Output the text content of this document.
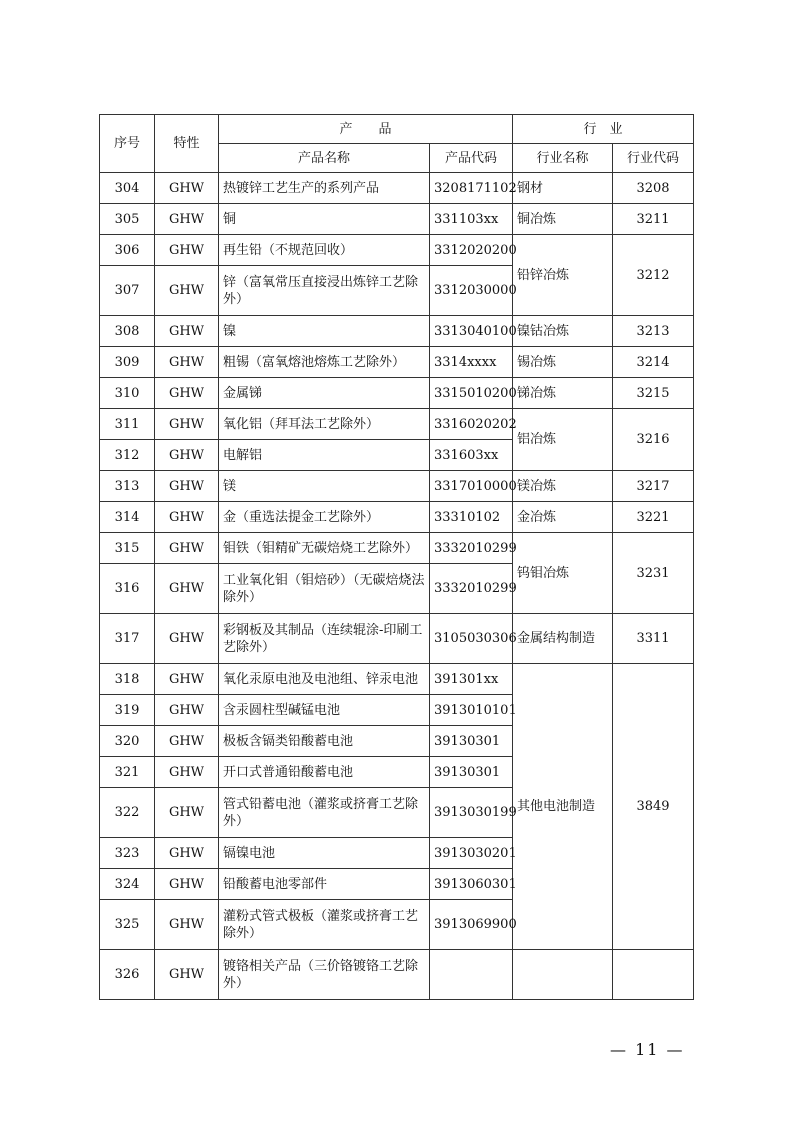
序号	特性	产　　品		行　业	
		产品名称	产品代码	行业名称	行业代码
304	GHW	热镀锌工艺生产的系列产品	3208171102	钢材	3208
305	GHW	铜	331103xx	铜冶炼	3211
306	GHW	再生铅（不规范回收）	3312020200	铅锌冶炼	3212
307	GHW	锌（富氧常压直接浸出炼锌工艺除外）	3312030000		
308	GHW	镍	3313040100	镍钴冶炼	3213
309	GHW	粗锡（富氧熔池熔炼工艺除外）	3314xxxx	锡冶炼	3214
310	GHW	金属锑	3315010200	锑冶炼	3215
311	GHW	氧化铝（拜耳法工艺除外）	3316020202	铝冶炼	3216
312	GHW	电解铝	331603xx		
313	GHW	镁	3317010000	镁冶炼	3217
314	GHW	金（重选法提金工艺除外）	33310102	金冶炼	3221
315	GHW	钼铁（钼精矿无碳焙烧工艺除外）	3332010299	钨钼冶炼	3231
316	GHW	工业氧化钼（钼焙砂）（无碳焙烧法除外）	3332010299		
317	GHW	彩钢板及其制品（连续辊涂-印刷工艺除外）	3105030306	金属结构制造	3311
318	GHW	氧化汞原电池及电池组、锌汞电池	391301xx	其他电池制造	3849
319	GHW	含汞圆柱型碱锰电池	3913010101		
320	GHW	极板含镉类铅酸蓄电池	39130301		
321	GHW	开口式普通铅酸蓄电池	39130301		
322	GHW	管式铅蓄电池（灌浆或挤膏工艺除外）	3913030199		
323	GHW	镉镍电池	3913030201		
324	GHW	铅酸蓄电池零部件	3913060301		
325	GHW	灌粉式管式极板（灌浆或挤膏工艺除外）	3913069900		
326	GHW	镀铬相关产品（三价铬镀铬工艺除外）			
— 11 —
